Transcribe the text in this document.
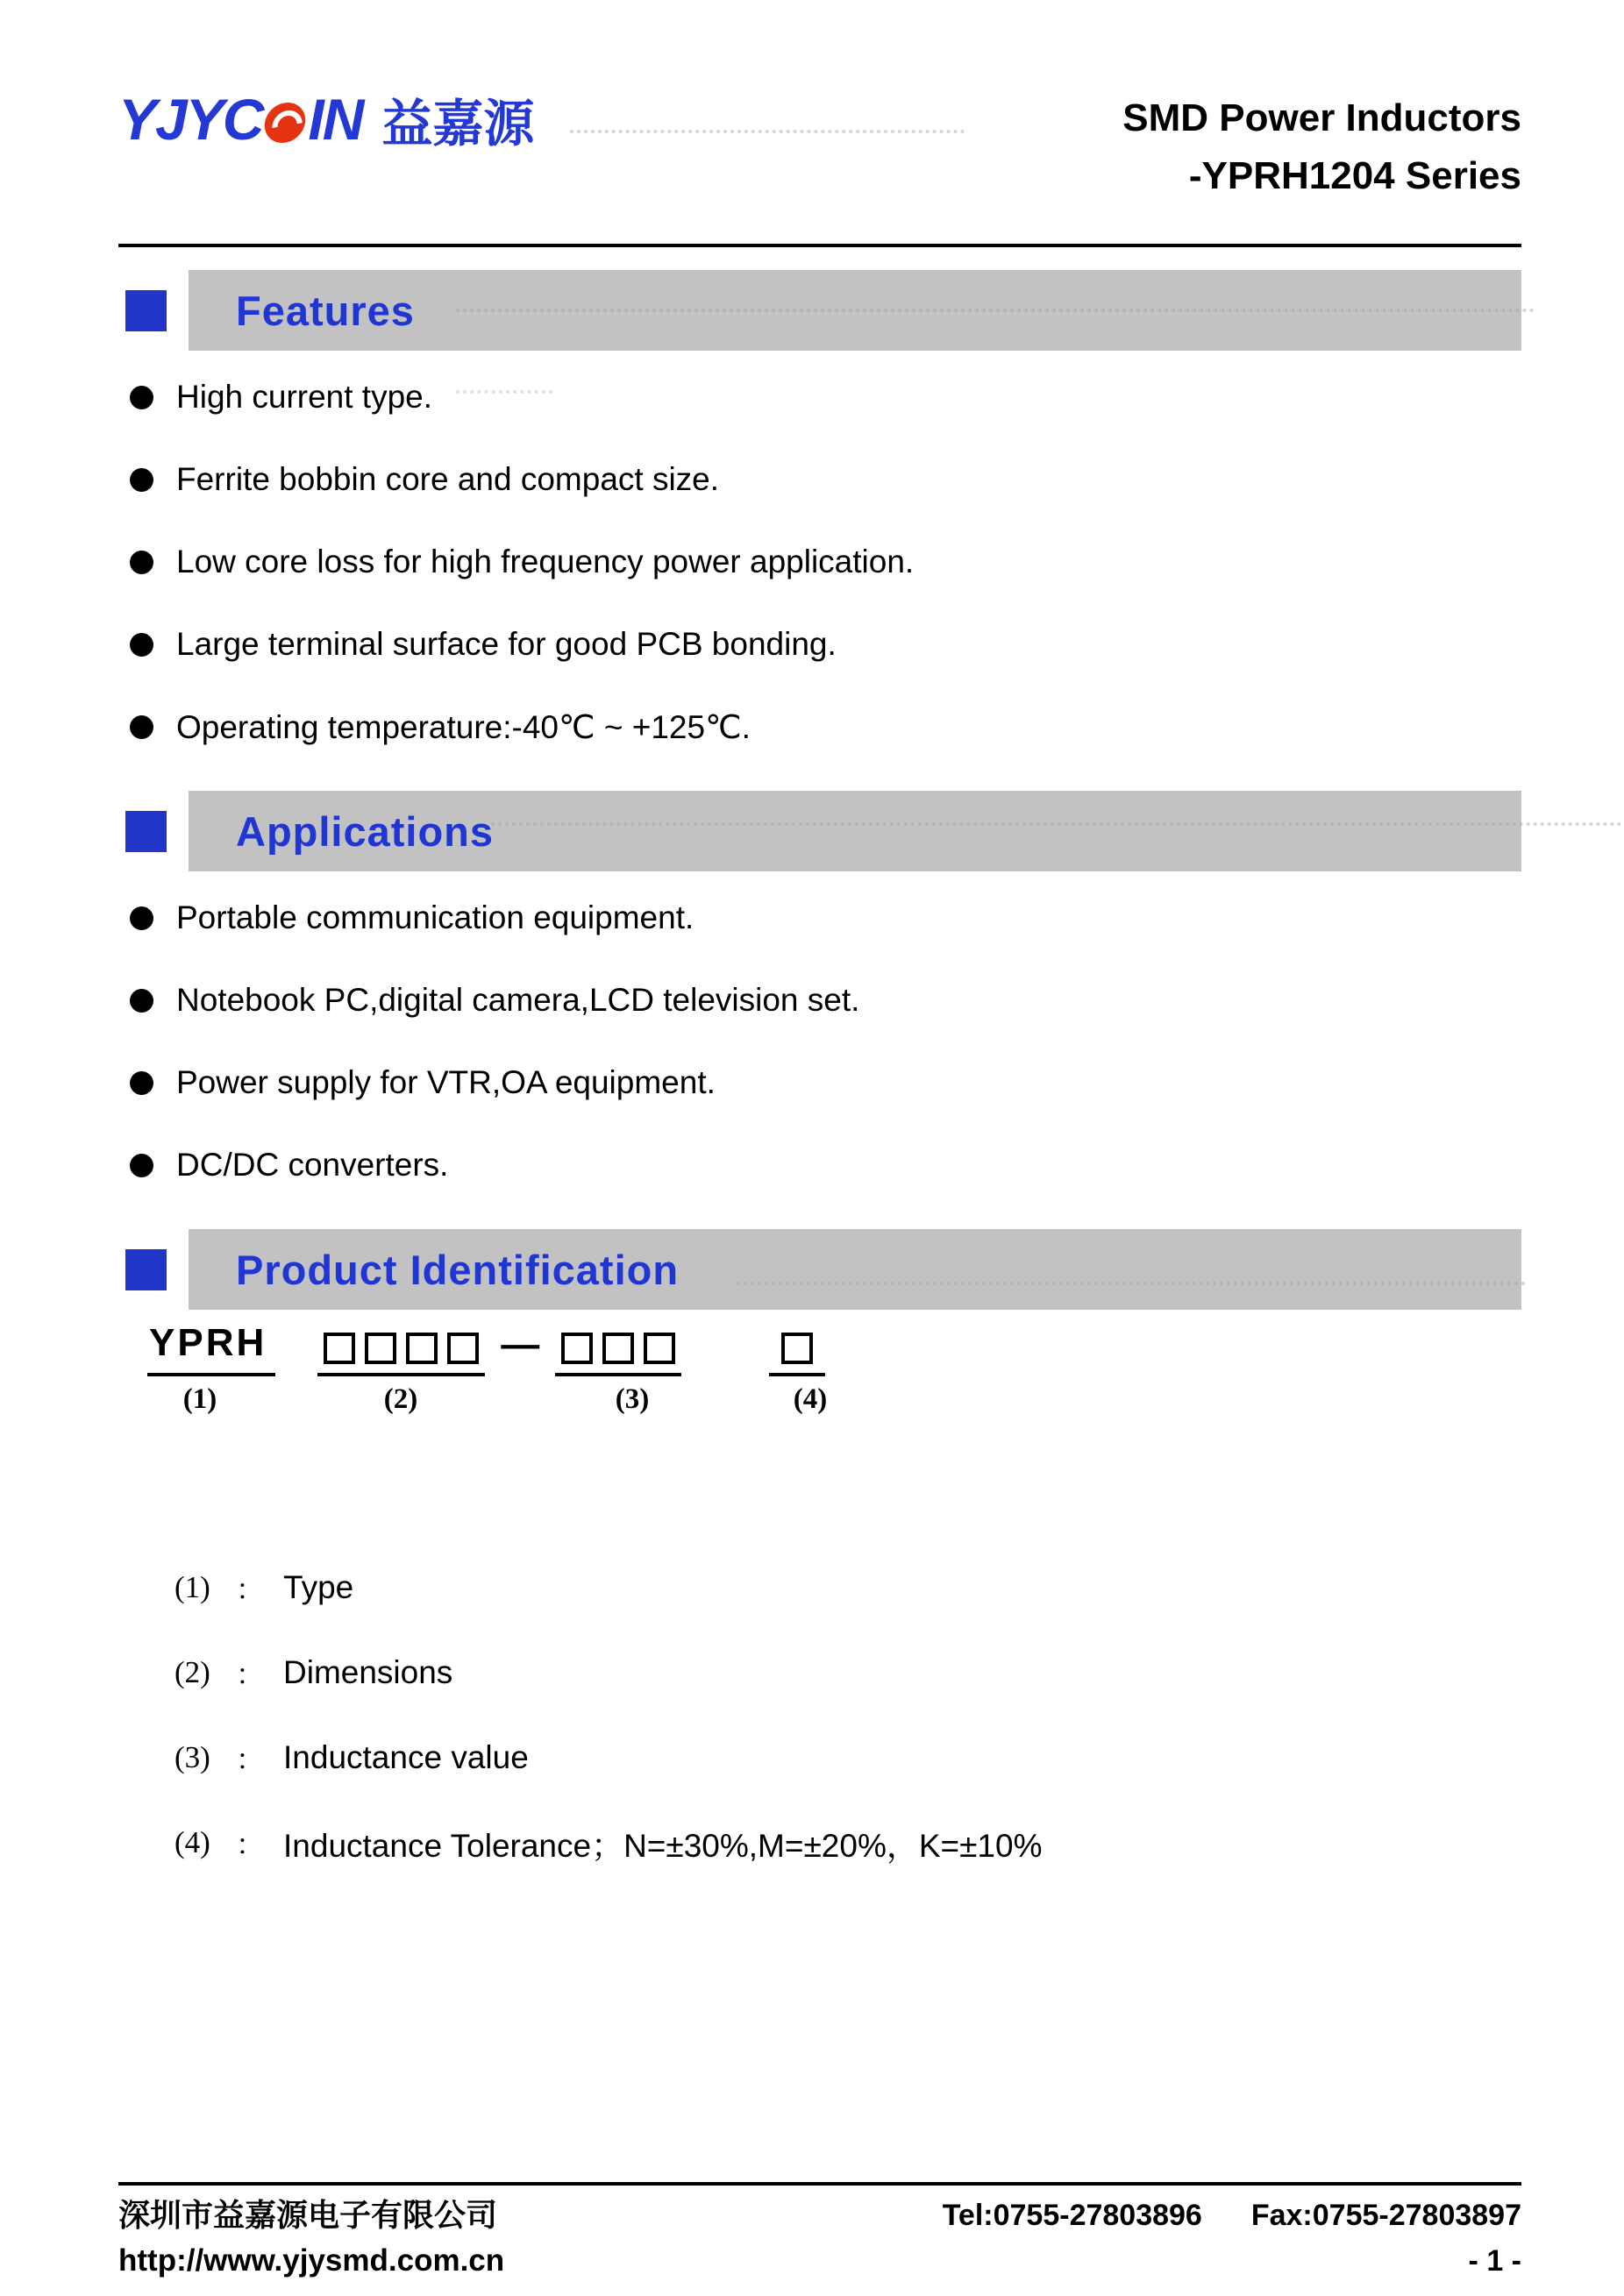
YJYC IN 益嘉源	SMD Power Inductors
-YPRH1204 Series
Features
High current type.
Ferrite bobbin core and compact size.
Low core loss for high frequency power application.
Large terminal surface for good PCB bonding.
Operating temperature:-40℃ ~ +125℃.
Applications
Portable communication equipment.
Notebook PC,digital camera,LCD television set.
Power supply for VTR,OA equipment.
DC/DC converters.
Product Identification
YPRH	—
(1)	(2)	(3)	(4)
(1) ： Type
(2) ： Dimensions
(3) ： Inductance value
(4) ： Inductance Tolerance；N=±30%,M=±20%，K=±10%
深圳市益嘉源电子有限公司	Tel:0755-27803896 Fax:0755-27803897
http://www.yjysmd.com.cn	- 1 -
